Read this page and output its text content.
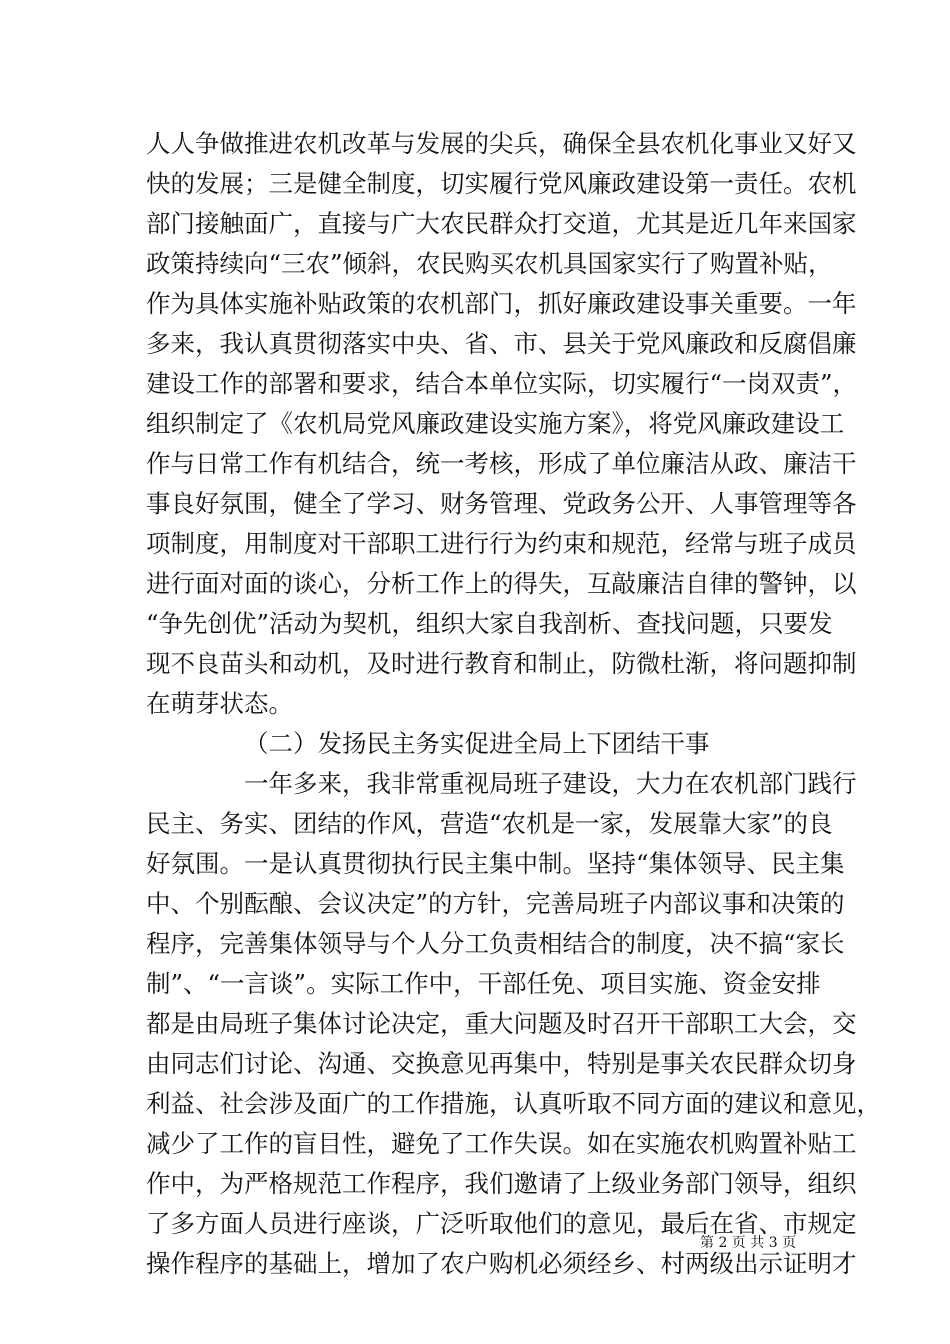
人人争做推进农机改革与发展的尖兵，确保全县农机化事业又好又
快的发展；三是健全制度，切实履行党风廉政建设第一责任。农机
部门接触面广，直接与广大农民群众打交道，尤其是近几年来国家
政策持续向“三农”倾斜，农民购买农机具国家实行了购置补贴，
作为具体实施补贴政策的农机部门，抓好廉政建设事关重要。一年
多来，我认真贯彻落实中央、省、市、县关于党风廉政和反腐倡廉
建设工作的部署和要求，结合本单位实际，切实履行“一岗双责”，
组织制定了《农机局党风廉政建设实施方案》，将党风廉政建设工
作与日常工作有机结合，统一考核，形成了单位廉洁从政、廉洁干
事良好氛围，健全了学习、财务管理、党政务公开、人事管理等各
项制度，用制度对干部职工进行行为约束和规范，经常与班子成员
进行面对面的谈心，分析工作上的得失，互敲廉洁自律的警钟，以
“争先创优”活动为契机，组织大家自我剖析、查找问题，只要发
现不良苗头和动机，及时进行教育和制止，防微杜渐，将问题抑制
在萌芽状态。
（二）发扬民主务实促进全局上下团结干事
一年多来，我非常重视局班子建设，大力在农机部门践行
民主、务实、团结的作风，营造“农机是一家，发展靠大家”的良
好氛围。一是认真贯彻执行民主集中制。坚持“集体领导、民主集
中、个别酝酿、会议决定”的方针，完善局班子内部议事和决策的
程序，完善集体领导与个人分工负责相结合的制度，决不搞“家长
制”、“一言谈”。实际工作中，干部任免、项目实施、资金安排
都是由局班子集体讨论决定，重大问题及时召开干部职工大会，交
由同志们讨论、沟通、交换意见再集中，特别是事关农民群众切身
利益、社会涉及面广的工作措施，认真听取不同方面的建议和意见，
减少了工作的盲目性，避免了工作失误。如在实施农机购置补贴工
作中，为严格规范工作程序，我们邀请了上级业务部门领导，组织
了多方面人员进行座谈，广泛听取他们的意见，最后在省、市规定
操作程序的基础上，增加了农户购机必须经乡、村两级出示证明才
第 2 页 共 3 页
